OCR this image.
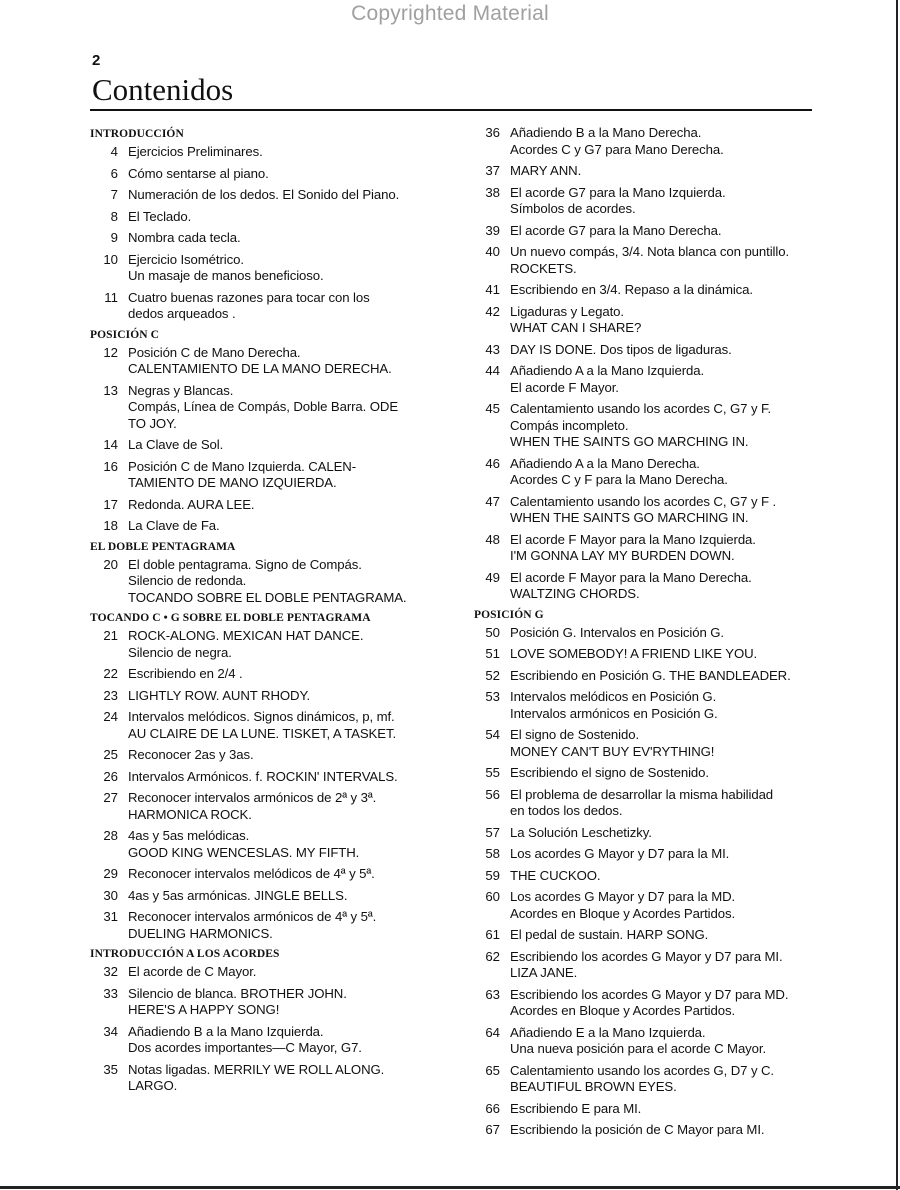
Copyrighted Material
2
Contenidos
INTRODUCCIÓN
4 Ejercicios Preliminares.
6 Cómo sentarse al piano.
7 Numeración de los dedos. El Sonido del Piano.
8 El Teclado.
9 Nombra cada tecla.
10 Ejercicio Isométrico.
Un masaje de manos beneficioso.
11 Cuatro buenas razones para tocar con los
dedos arqueados .
POSICIÓN C
12 Posición C de Mano Derecha.
CALENTAMIENTO DE LA MANO DERECHA.
13 Negras y Blancas.
Compás, Línea de Compás, Doble Barra. ODE
TO JOY.
14 La Clave de Sol.
16 Posición C de Mano Izquierda. CALEN-
TAMIENTO DE MANO IZQUIERDA.
17 Redonda. AURA LEE.
18 La Clave de Fa.
EL DOBLE PENTAGRAMA
20 El doble pentagrama. Signo de Compás.
Silencio de redonda.
TOCANDO SOBRE EL DOBLE PENTAGRAMA.
TOCANDO C • G SOBRE EL DOBLE PENTAGRAMA
21 ROCK-ALONG. MEXICAN HAT DANCE.
Silencio de negra.
22 Escribiendo en 2/4 .
23 LIGHTLY ROW. AUNT RHODY.
24 Intervalos melódicos. Signos dinámicos, p, mf.
AU CLAIRE DE LA LUNE. TISKET, A TASKET.
25 Reconocer 2as y 3as.
26 Intervalos Armónicos. f. ROCKIN' INTERVALS.
27 Reconocer intervalos armónicos de 2ª y 3ª.
HARMONICA ROCK.
28 4as y 5as melódicas.
GOOD KING WENCESLAS. MY FIFTH.
29 Reconocer intervalos melódicos de 4ª y 5ª.
30 4as y 5as armónicas. JINGLE BELLS.
31 Reconocer intervalos armónicos de 4ª y 5ª.
DUELING HARMONICS.
INTRODUCCIÓN A LOS ACORDES
32 El acorde de C Mayor.
33 Silencio de blanca. BROTHER JOHN.
HERE'S A HAPPY SONG!
34 Añadiendo B a la Mano Izquierda.
Dos acordes importantes—C Mayor, G7.
35 Notas ligadas. MERRILY WE ROLL ALONG.
LARGO.
36 Añadiendo B a la Mano Derecha.
Acordes C y G7 para Mano Derecha.
37 MARY ANN.
38 El acorde G7 para la Mano Izquierda.
Símbolos de acordes.
39 El acorde G7 para la Mano Derecha.
40 Un nuevo compás, 3/4. Nota blanca con puntillo.
ROCKETS.
41 Escribiendo en 3/4. Repaso a la dinámica.
42 Ligaduras y Legato.
WHAT CAN I SHARE?
43 DAY IS DONE. Dos tipos de ligaduras.
44 Añadiendo A a la Mano Izquierda.
El acorde F Mayor.
45 Calentamiento usando los acordes C, G7 y F.
Compás incompleto.
WHEN THE SAINTS GO MARCHING IN.
46 Añadiendo A a la Mano Derecha.
Acordes C y F para la Mano Derecha.
47 Calentamiento usando los acordes C, G7 y F .
WHEN THE SAINTS GO MARCHING IN.
48 El acorde F Mayor para la Mano Izquierda.
I'M GONNA LAY MY BURDEN DOWN.
49 El acorde F Mayor para la Mano Derecha.
WALTZING CHORDS.
POSICIÓN G
50 Posición G. Intervalos en Posición G.
51 LOVE SOMEBODY! A FRIEND LIKE YOU.
52 Escribiendo en Posición G. THE BANDLEADER.
53 Intervalos melódicos en Posición G.
Intervalos armónicos en Posición G.
54 El signo de Sostenido.
MONEY CAN'T BUY EV'RYTHING!
55 Escribiendo el signo de Sostenido.
56 El problema de desarrollar la misma habilidad
en todos los dedos.
57 La Solución Leschetizky.
58 Los acordes G Mayor y D7 para la MI.
59 THE CUCKOO.
60 Los acordes G Mayor y D7 para la MD.
Acordes en Bloque y Acordes Partidos.
61 El pedal de sustain. HARP SONG.
62 Escribiendo los acordes G Mayor y D7 para MI.
LIZA JANE.
63 Escribiendo los acordes G Mayor y D7 para MD.
Acordes en Bloque y Acordes Partidos.
64 Añadiendo E a la Mano Izquierda.
Una nueva posición para el acorde C Mayor.
65 Calentamiento usando los acordes G, D7 y C.
BEAUTIFUL BROWN EYES.
66 Escribiendo E para MI.
67 Escribiendo la posición de C Mayor para MI.
